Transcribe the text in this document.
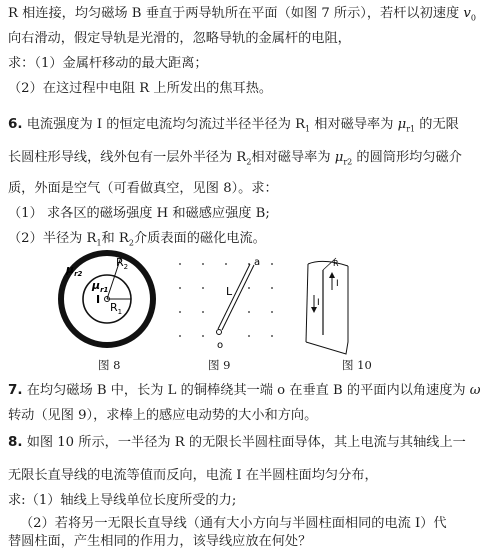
R 相连接，均匀磁场 B 垂直于两导轨所在平面（如图 7 所示），若杆以初速度 $v_0$
向右滑动，假定导轨是光滑的，忽略导轨的金属杆的电阻，
求：（1）金属杆移动的最大距离；
（2）在这过程中电阻 R 上所发出的焦耳热。
6. 电流强度为 I 的恒定电流均匀流过半径半径为 $R_1$ 相对磁导率为 $\mu_{r1}$ 的无限
长圆柱形导线，线外包有一层外半径为 $R_2$相对磁导率为 $\mu_{r2}$ 的圆筒形均匀磁介
质，外面是空气（可看做真空，见图 8）。求：
（1） 求各区的磁场强度 H 和磁感应强度 B;
（2）半径为 $R_1$和 $R_2$介质表面的磁化电流。
$\mu_{r2}$
$\mu_{r1}$
$R_2$
$R_1$
I
a
L
o
R
I
I
图 8	图 9	图 10
7. 在均匀磁场 B 中，长为 L 的铜棒绕其一端 o 在垂直 B 的平面内以角速度为 ω
转动（见图 9），求棒上的感应电动势的大小和方向。
8. 如图 10 所示，一半径为 R 的无限长半圆柱面导体，其上电流与其轴线上一
无限长直导线的电流等值而反向，电流 I 在半圆柱面均匀分布，
求:（1）轴线上导线单位长度所受的力;
（2）若将另一无限长直导线（通有大小方向与半圆柱面相同的电流 I）代
替圆柱面，产生相同的作用力，该导线应放在何处？
